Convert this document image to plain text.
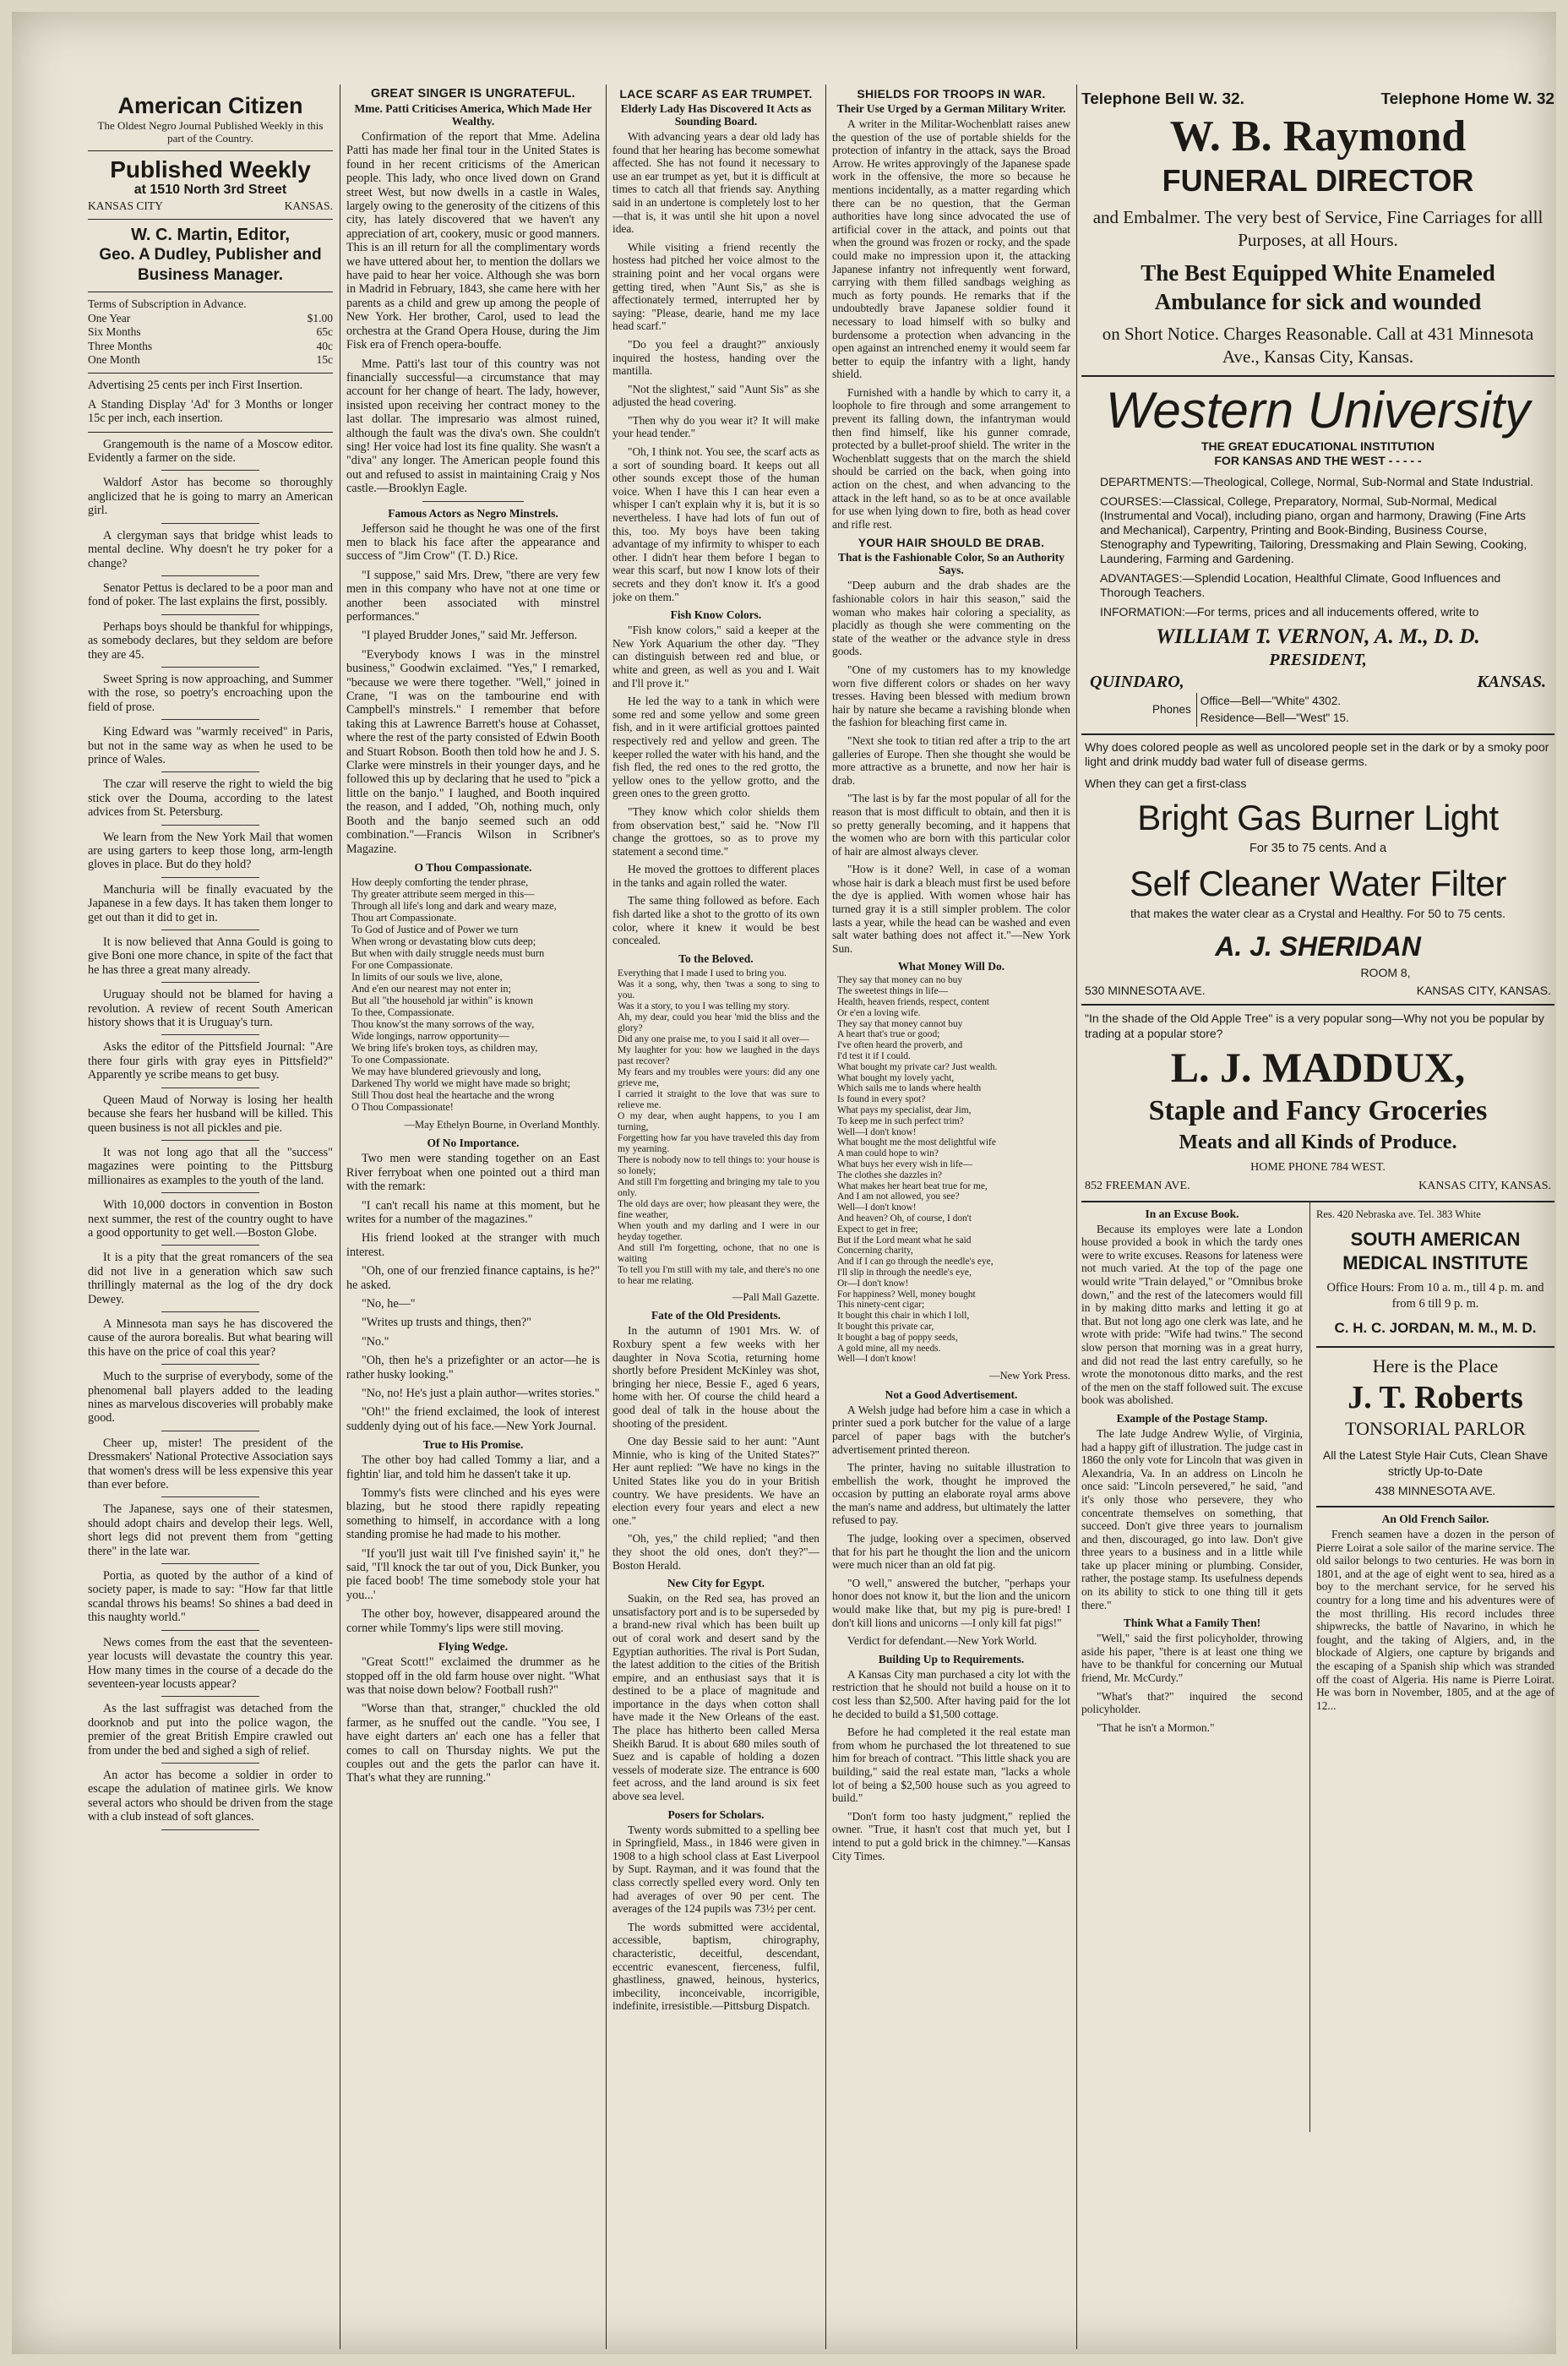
American Citizen
The Oldest Negro Journal Published Weekly in this part of the Country.
Published Weekly
at 1510 North 3rd Street
KANSAS CITY	KANSAS.
W. C. Martin, Editor,
Geo. A Dudley, Publisher and Business Manager.
Terms of Subscription in Advance.
One Year	$1.00
Six Months	65c
Three Months	40c
One Month	15c

Advertising 25 cents per inch First Insertion.

A Standing Display 'Ad' for 3 Months or longer 15c per inch, each insertion.

Grangemouth is the name of a Moscow editor. Evidently a farmer on the side.

Waldorf Astor has become so thoroughly anglicized that he is going to marry an American girl.

A clergyman says that bridge whist leads to mental decline. Why doesn't he try poker for a change?

Senator Pettus is declared to be a poor man and fond of poker. The last explains the first, possibly.

Perhaps boys should be thankful for whippings, as somebody declares, but they seldom are before they are 45.

Sweet Spring is now approaching, and Summer with the rose, so poetry's encroaching upon the field of prose.

King Edward was "warmly received" in Paris, but not in the same way as when he used to be prince of Wales.

The czar will reserve the right to wield the big stick over the Douma, according to the latest advices from St. Petersburg.

We learn from the New York Mail that women are using garters to keep those long, arm-length gloves in place. But do they hold?

Manchuria will be finally evacuated by the Japanese in a few days. It has taken them longer to get out than it did to get in.

It is now believed that Anna Gould is going to give Boni one more chance, in spite of the fact that he has three a great many already.

Uruguay should not be blamed for having a revolution. A review of recent South American history shows that it is Uruguay's turn.

Asks the editor of the Pittsfield Journal: "Are there four girls with gray eyes in Pittsfield?" Apparently ye scribe means to get busy.

Queen Maud of Norway is losing her health because she fears her husband will be killed. This queen business is not all pickles and pie.

It was not long ago that all the "success" magazines were pointing to the Pittsburg millionaires as examples to the youth of the land.

With 10,000 doctors in convention in Boston next summer, the rest of the country ought to have a good opportunity to get well.—Boston Globe.

It is a pity that the great romancers of the sea did not live in a generation which saw such thrillingly maternal as the log of the dry dock Dewey.

A Minnesota man says he has discovered the cause of the aurora borealis. But what bearing will this have on the price of coal this year?

Much to the surprise of everybody, some of the phenomenal ball players added to the leading nines as marvelous discoveries will probably make good.

Cheer up, mister! The president of the Dressmakers' National Protective Association says that women's dress will be less expensive this year than ever before.

The Japanese, says one of their statesmen, should adopt chairs and develop their legs. Well, short legs did not prevent them from "getting there" in the late war.

Portia, as quoted by the author of a kind of society paper, is made to say: "How far that little scandal throws his beams! So shines a bad deed in this naughty world."

News comes from the east that the seventeen-year locusts will devastate the country this year. How many times in the course of a decade do the seventeen-year locusts appear?

As the last suffragist was detached from the doorknob and put into the police wagon, the premier of the great British Empire crawled out from under the bed and sighed a sigh of relief.

An actor has become a soldier in order to escape the adulation of matinee girls. We know several actors who should be driven from the stage with a club instead of soft glances.

GREAT SINGER IS UNGRATEFUL.
Mme. Patti Criticises America, Which Made Her Wealthy.

Confirmation of the report that Mme. Adelina Patti has made her final tour in the United States is found in her recent criticisms of the American people. This lady, who once lived down on Grand street West, but now dwells in a castle in Wales, largely owing to the generosity of the citizens of this city, has lately discovered that we haven't any appreciation of art, cookery, music or good manners. This is an ill return for all the complimentary words we have uttered about her, to mention the dollars we have paid to hear her voice. Although she was born in Madrid in February, 1843, she came here with her parents as a child and grew up among the people of New York. Her brother, Carol, used to lead the orchestra at the Grand Opera House, during the Jim Fisk era of French opera-bouffe.

Mme. Patti's last tour of this country was not financially successful—a circumstance that may account for her change of heart. The lady, however, insisted upon receiving her contract money to the last dollar. The impresario was almost ruined, although the fault was the diva's own. She couldn't sing! Her voice had lost its fine quality. She wasn't a "diva" any longer. The American people found this out and refused to assist in maintaining Craig y Nos castle.—Brooklyn Eagle.

Famous Actors as Negro Minstrels.

Jefferson said he thought he was one of the first men to black his face after the appearance and success of "Jim Crow" (T. D.) Rice.

"I suppose," said Mrs. Drew, "there are very few men in this company who have not at one time or another been associated with minstrel performances."

"I played Brudder Jones," said Mr. Jefferson.

"Everybody knows I was in the minstrel business," Goodwin exclaimed. "Yes," I remarked, "because we were there together. "Well," joined in Crane, "I was on the tambourine end with Campbell's minstrels." I remember that before taking this at Lawrence Barrett's house at Cohasset, where the rest of the party consisted of Edwin Booth and Stuart Robson. Booth then told how he and J. S. Clarke were minstrels in their younger days, and he followed this up by declaring that he used to "pick a little on the banjo." I laughed, and Booth inquired the reason, and I added, "Oh, nothing much, only Booth and the banjo seemed such an odd combination."—Francis Wilson in Scribner's Magazine.

O Thou Compassionate.
How deeply comforting the tender phrase,
Thy greater attribute seem merged in this—
Through all life's long and dark and weary maze,
Thou art Compassionate.
To God of Justice and of Power we turn
When wrong or devastating blow cuts deep;
But when with daily struggle needs must burn
For one Compassionate.
In limits of our souls we live, alone,
And e'en our nearest may not enter in;
But all "the household jar within" is known
To thee, Compassionate.
Thou know'st the many sorrows of the way,
Wide longings, narrow opportunity—
We bring life's broken toys, as children may,
To one Compassionate.
We may have blundered grievously and long,
Darkened Thy world we might have made so bright;
Still Thou dost heal the heartache and the wrong
O Thou Compassionate!
—May Ethelyn Bourne, in Overland Monthly.
Of No Importance.

Two men were standing together on an East River ferryboat when one pointed out a third man with the remark:

"I can't recall his name at this moment, but he writes for a number of the magazines."

His friend looked at the stranger with much interest.

"Oh, one of our frenzied finance captains, is he?" he asked.

"No, he—"

"Writes up trusts and things, then?"

"No."

"Oh, then he's a prizefighter or an actor—he is rather husky looking."

"No, no! He's just a plain author—writes stories."

"Oh!" the friend exclaimed, the look of interest suddenly dying out of his face.—New York Journal.

True to His Promise.

The other boy had called Tommy a liar, and a fightin' liar, and told him he dassen't take it up.

Tommy's fists were clinched and his eyes were blazing, but he stood there rapidly repeating something to himself, in accordance with a long standing promise he had made to his mother.

"If you'll just wait till I've finished sayin' it," he said, "I'll knock the tar out of you, Dick Bunker, you pie faced boob! The time somebody stole your hat you...'

The other boy, however, disappeared around the corner while Tommy's lips were still moving.

Flying Wedge.

"Great Scott!" exclaimed the drummer as he stopped off in the old farm house over night. "What was that noise down below? Football rush?"

"Worse than that, stranger," chuckled the old farmer, as he snuffed out the candle. "You see, I have eight darters an' each one has a feller that comes to call on Thursday nights. We put the couples out and the gets the parlor can have it. That's what they are running."

LACE SCARF AS EAR TRUMPET.
Elderly Lady Has Discovered It Acts as Sounding Board.

With advancing years a dear old lady has found that her hearing has become somewhat affected. She has not found it necessary to use an ear trumpet as yet, but it is difficult at times to catch all that friends say. Anything said in an undertone is completely lost to her—that is, it was until she hit upon a novel idea.

While visiting a friend recently the hostess had pitched her voice almost to the straining point and her vocal organs were getting tired, when "Aunt Sis," as she is affectionately termed, interrupted her by saying: "Please, dearie, hand me my lace head scarf."

"Do you feel a draught?" anxiously inquired the hostess, handing over the mantilla.

"Not the slightest," said "Aunt Sis" as she adjusted the head covering.

"Then why do you wear it? It will make your head tender."

"Oh, I think not. You see, the scarf acts as a sort of sounding board. It keeps out all other sounds except those of the human voice. When I have this I can hear even a whisper I can't explain why it is, but it is so nevertheless. I have had lots of fun out of this, too. My boys have been taking advantage of my infirmity to whisper to each other. I didn't hear them before I began to wear this scarf, but now I know lots of their secrets and they don't know it. It's a good joke on them."

Fish Know Colors.

"Fish know colors," said a keeper at the New York Aquarium the other day. "They can distinguish between red and blue, or white and green, as well as you and I. Wait and I'll prove it."

He led the way to a tank in which were some red and some yellow and some green fish, and in it were artificial grottoes painted respectively red and yellow and green. The keeper rolled the water with his hand, and the fish fled, the red ones to the red grotto, the yellow ones to the yellow grotto, and the green ones to the green grotto.

"They know which color shields them from observation best," said he. "Now I'll change the grottoes, so as to prove my statement a second time."

He moved the grottoes to different places in the tanks and again rolled the water.

The same thing followed as before. Each fish darted like a shot to the grotto of its own color, where it knew it would be best concealed.

To the Beloved.
Everything that I made I used to bring you.
Was it a song, why, then 'twas a song to sing to you.
Was it a story, to you I was telling my story.
Ah, my dear, could you hear 'mid the bliss and the glory?
Did any one praise me, to you I said it all over—
My laughter for you: how we laughed in the days past recover?
My fears and my troubles were yours: did any one grieve me,
I carried it straight to the love that was sure to relieve me.
O my dear, when aught happens, to you I am turning,
Forgetting how far you have traveled this day from my yearning.
There is nobody now to tell things to: your house is so lonely;
And still I'm forgetting and bringing my tale to you only.
The old days are over; how pleasant they were, the fine weather,
When youth and my darling and I were in our heyday together.
And still I'm forgetting, ochone, that no one is waiting
To tell you I'm still with my tale, and there's no one to hear me relating.
—Pall Mall Gazette.
Fate of the Old Presidents.

In the autumn of 1901 Mrs. W. of Roxbury spent a few weeks with her daughter in Nova Scotia, returning home shortly before President McKinley was shot, bringing her niece, Bessie F., aged 6 years, home with her. Of course the child heard a good deal of talk in the house about the shooting of the president.

One day Bessie said to her aunt: "Aunt Minnie, who is king of the United States?" Her aunt replied: "We have no kings in the United States like you do in your British country. We have presidents. We have an election every four years and elect a new one."

"Oh, yes," the child replied; "and then they shoot the old ones, don't they?"—Boston Herald.

New City for Egypt.

Suakin, on the Red sea, has proved an unsatisfactory port and is to be superseded by a brand-new rival which has been built up out of coral work and desert sand by the Egyptian authorities. The rival is Port Sudan, the latest addition to the cities of the British empire, and an enthusiast says that it is destined to be a place of magnitude and importance in the days when cotton shall have made it the New Orleans of the east. The place has hitherto been called Mersa Sheikh Barud. It is about 680 miles south of Suez and is capable of holding a dozen vessels of moderate size. The entrance is 600 feet across, and the land around is six feet above sea level.

Posers for Scholars.

Twenty words submitted to a spelling bee in Springfield, Mass., in 1846 were given in 1908 to a high school class at East Liverpool by Supt. Rayman, and it was found that the class correctly spelled every word. Only ten had averages of over 90 per cent. The averages of the 124 pupils was 73½ per cent.

The words submitted were accidental, accessible, baptism, chirography, characteristic, deceitful, descendant, eccentric evanescent, fierceness, fulfil, ghastliness, gnawed, heinous, hysterics, imbecility, inconceivable, incorrigible, indefinite, irresistible.—Pittsburg Dispatch.

SHIELDS FOR TROOPS IN WAR.
Their Use Urged by a German Military Writer.

A writer in the Militar-Wochenblatt raises anew the question of the use of portable shields for the protection of infantry in the attack, says the Broad Arrow. He writes approvingly of the Japanese spade work in the offensive, the more so because he mentions incidentally, as a matter regarding which there can be no question, that the German authorities have long since advocated the use of artificial cover in the attack, and points out that when the ground was frozen or rocky, and the spade could make no impression upon it, the attacking Japanese infantry not infrequently went forward, carrying with them filled sandbags weighing as much as forty pounds. He remarks that if the undoubtedly brave Japanese soldier found it necessary to load himself with so bulky and burdensome a protection when advancing in the open against an intrenched enemy it would seem far better to equip the infantry with a light, handy shield.

Furnished with a handle by which to carry it, a loophole to fire through and some arrangement to prevent its falling down, the infantryman would then find himself, like his gunner comrade, protected by a bullet-proof shield. The writer in the Wochenblatt suggests that on the march the shield should be carried on the back, when going into action on the chest, and when advancing to the attack in the left hand, so as to be at once available for use when lying down to fire, both as head cover and rifle rest.

YOUR HAIR SHOULD BE DRAB.
That is the Fashionable Color, So an Authority Says.

"Deep auburn and the drab shades are the fashionable colors in hair this season," said the woman who makes hair coloring a speciality, as placidly as though she were commenting on the state of the weather or the advance style in dress goods.

"One of my customers has to my knowledge worn five different colors or shades on her wavy tresses. Having been blessed with medium brown hair by nature she became a ravishing blonde when the fashion for bleaching first came in.

"Next she took to titian red after a trip to the art galleries of Europe. Then she thought she would be more attractive as a brunette, and now her hair is drab.

"The last is by far the most popular of all for the reason that is most difficult to obtain, and then it is so pretty generally becoming, and it happens that the women who are born with this particular color of hair are almost always clever.

"How is it done? Well, in case of a woman whose hair is dark a bleach must first be used before the dye is applied. With women whose hair has turned gray it is a still simpler problem. The color lasts a year, while the head can be washed and even salt water bathing does not affect it."—New York Sun.

What Money Will Do.
They say that money can no buy
The sweetest things in life—
Health, heaven friends, respect, content
Or e'en a loving wife.
They say that money cannot buy
A heart that's true or good;
I've often heard the proverb, and
I'd test it if I could.
What bought my private car? Just wealth.
What bought my lovely yacht,
Which sails me to lands where health
Is found in every spot?
What pays my specialist, dear Jim,
To keep me in such perfect trim?
Well—I don't know!
What bought me the most delightful wife
A man could hope to win?
What buys her every wish in life—
The clothes she dazzles in?
What makes her heart beat true for me,
And I am not allowed, you see?
Well—I don't know!
And heaven? Oh, of course, I don't
Expect to get in free;
But if the Lord meant what he said
Concerning charity,
And if I can go through the needle's eye,
I'll slip in through the needle's eye,
Or—I don't know!
For happiness? Well, money bought
This ninety-cent cigar;
It bought this chair in which I loll,
It bought this private car,
It bought a bag of poppy seeds,
A gold mine, all my needs.
Well—I don't know!
—New York Press.
Not a Good Advertisement.

A Welsh judge had before him a case in which a printer sued a pork butcher for the value of a large parcel of paper bags with the butcher's advertisement printed thereon.

The printer, having no suitable illustration to embellish the work, thought he improved the occasion by putting an elaborate royal arms above the man's name and address, but ultimately the latter refused to pay.

The judge, looking over a specimen, observed that for his part he thought the lion and the unicorn were much nicer than an old fat pig.

"O well," answered the butcher, "perhaps your honor does not know it, but the lion and the unicorn would make like that, but my pig is pure-bred! I don't kill lions and unicorns —I only kill fat pigs!"

Verdict for defendant.—New York World.

Building Up to Requirements.

A Kansas City man purchased a city lot with the restriction that he should not build a house on it to cost less than $2,500. After having paid for the lot he decided to build a $1,500 cottage.

Before he had completed it the real estate man from whom he purchased the lot threatened to sue him for breach of contract. "This little shack you are building," said the real estate man, "lacks a whole lot of being a $2,500 house such as you agreed to build."

"Don't form too hasty judgment," replied the owner. "True, it hasn't cost that much yet, but I intend to put a gold brick in the chimney."—Kansas City Times.

Telephone Bell W. 32.	Telephone Home W. 32
W. B. Raymond
FUNERAL DIRECTOR
and Embalmer. The very best of Service, Fine Carriages for alll Purposes, at all Hours.
The Best Equipped White Enameled Ambulance for sick and wounded
on Short Notice. Charges Reasonable. Call at 431 Minnesota Ave., Kansas City, Kansas.
Western University
THE GREAT EDUCATIONAL INSTITUTION
FOR KANSAS AND THE WEST - - - - -
DEPARTMENTS:—Theological, College, Normal, Sub-Normal and State Industrial.
COURSES:—Classical, College, Preparatory, Normal, Sub-Normal, Medical (Instrumental and Vocal), including piano, organ and harmony, Drawing (Fine Arts and Mechanical), Carpentry, Printing and Book-Binding, Business Course, Stenography and Typewriting, Tailoring, Dressmaking and Plain Sewing, Cooking, Laundering, Farming and Gardening.
ADVANTAGES:—Splendid Location, Healthful Climate, Good Influences and Thorough Teachers.
INFORMATION:—For terms, prices and all inducements offered, write to
WILLIAM T. VERNON, A. M., D. D.
PRESIDENT,
QUINDARO,	KANSAS.
Phones
Office—Bell—"White" 4302.
Residence—Bell—"West" 15.
Why does colored people as well as uncolored people set in the dark or by a smoky poor light and drink muddy bad water full of disease germs.
When they can get a first-class
Bright Gas Burner Light
For 35 to 75 cents. And a
Self Cleaner Water Filter
that makes the water clear as a Crystal and Healthy. For 50 to 75 cents.
A. J. SHERIDAN
ROOM 8,
530 MINNESOTA AVE.	KANSAS CITY, KANSAS.
"In the shade of the Old Apple Tree" is a very popular song—Why not you be popular by trading at a popular store?
L. J. MADDUX,
Staple and Fancy Groceries
Meats and all Kinds of Produce.
HOME PHONE 784 WEST.
852 FREEMAN AVE.	KANSAS CITY, KANSAS.
In an Excuse Book.

Because its employes were late a London house provided a book in which the tardy ones were to write excuses. Reasons for lateness were not much varied. At the top of the page one would write "Train delayed," or "Omnibus broke down," and the rest of the latecomers would fill in by making ditto marks and letting it go at that. But not long ago one clerk was late, and he wrote with pride: "Wife had twins." The second slow person that morning was in a great hurry, and did not read the last entry carefully, so he wrote the monotonous ditto marks, and the rest of the men on the staff followed suit. The excuse book was abolished.

Example of the Postage Stamp.

The late Judge Andrew Wylie, of Virginia, had a happy gift of illustration. The judge cast in 1860 the only vote for Lincoln that was given in Alexandria, Va. In an address on Lincoln he once said: "Lincoln persevered," he said, "and it's only those who persevere, they who concentrate themselves on something, that succeed. Don't give three years to journalism and then, discouraged, go into law. Don't give three years to a business and in a little while take up placer mining or plumbing. Consider, rather, the postage stamp. Its usefulness depends on its ability to stick to one thing till it gets there."

Think What a Family Then!

"Well," said the first policyholder, throwing aside his paper, "there is at least one thing we have to be thankful for concerning our Mutual friend, Mr. McCurdy."

"What's that?" inquired the second policyholder.

"That he isn't a Mormon."

Res. 420 Nebraska ave. Tel. 383 White
SOUTH AMERICAN
MEDICAL INSTITUTE
Office Hours: From 10 a. m., till 4 p. m. and from 6 till 9 p. m.
C. H. C. JORDAN, M. M., M. D.
Here is the Place
J. T. Roberts
TONSORIAL PARLOR
All the Latest Style Hair Cuts, Clean Shave strictly Up-to-Date
438 MINNESOTA AVE.
An Old French Sailor.

French seamen have a dozen in the person of Pierre Loirat a sole sailor of the marine service. The old sailor belongs to two centuries. He was born in 1801, and at the age of eight went to sea, hired as a boy to the merchant service, for he served his country for a long time and his adventures were of the most thrilling. His record includes three shipwrecks, the battle of Navarino, in which he fought, and the taking of Algiers, and, in the blockade of Algiers, one capture by brigands and the escaping of a Spanish ship which was stranded off the coast of Algeria. His name is Pierre Loirat. He was born in November, 1805, and at the age of 12...
